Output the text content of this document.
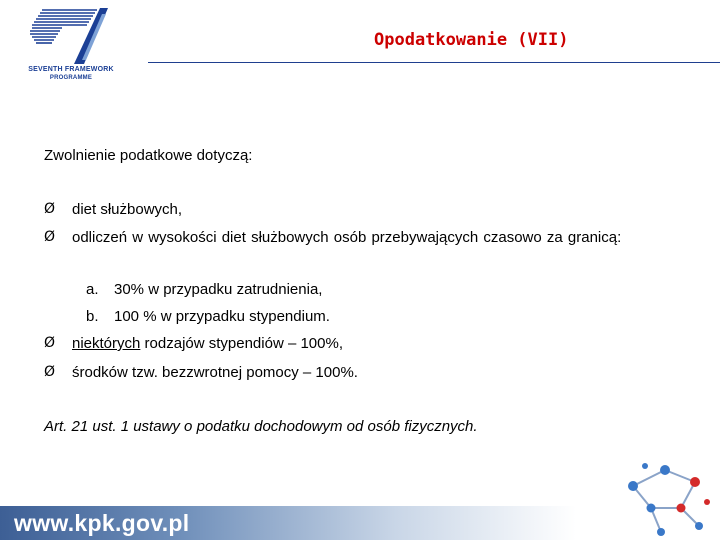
SEVENTH FRAMEWORK
PROGRAMME
Opodatkowanie (VII)
Zwolnienie podatkowe dotyczą:
Ø diet służbowych,
Ø odliczeń w wysokości diet służbowych osób przebywających czasowo za granicą:
a. 30% w przypadku zatrudnienia,
b. 100 % w przypadku stypendium.
Ø niektórych rodzajów stypendiów – 100%,
Ø środków tzw. bezzwrotnej pomocy – 100%.
Art. 21 ust. 1 ustawy o podatku dochodowym od osób fizycznych.
www.kpk.gov.pl
